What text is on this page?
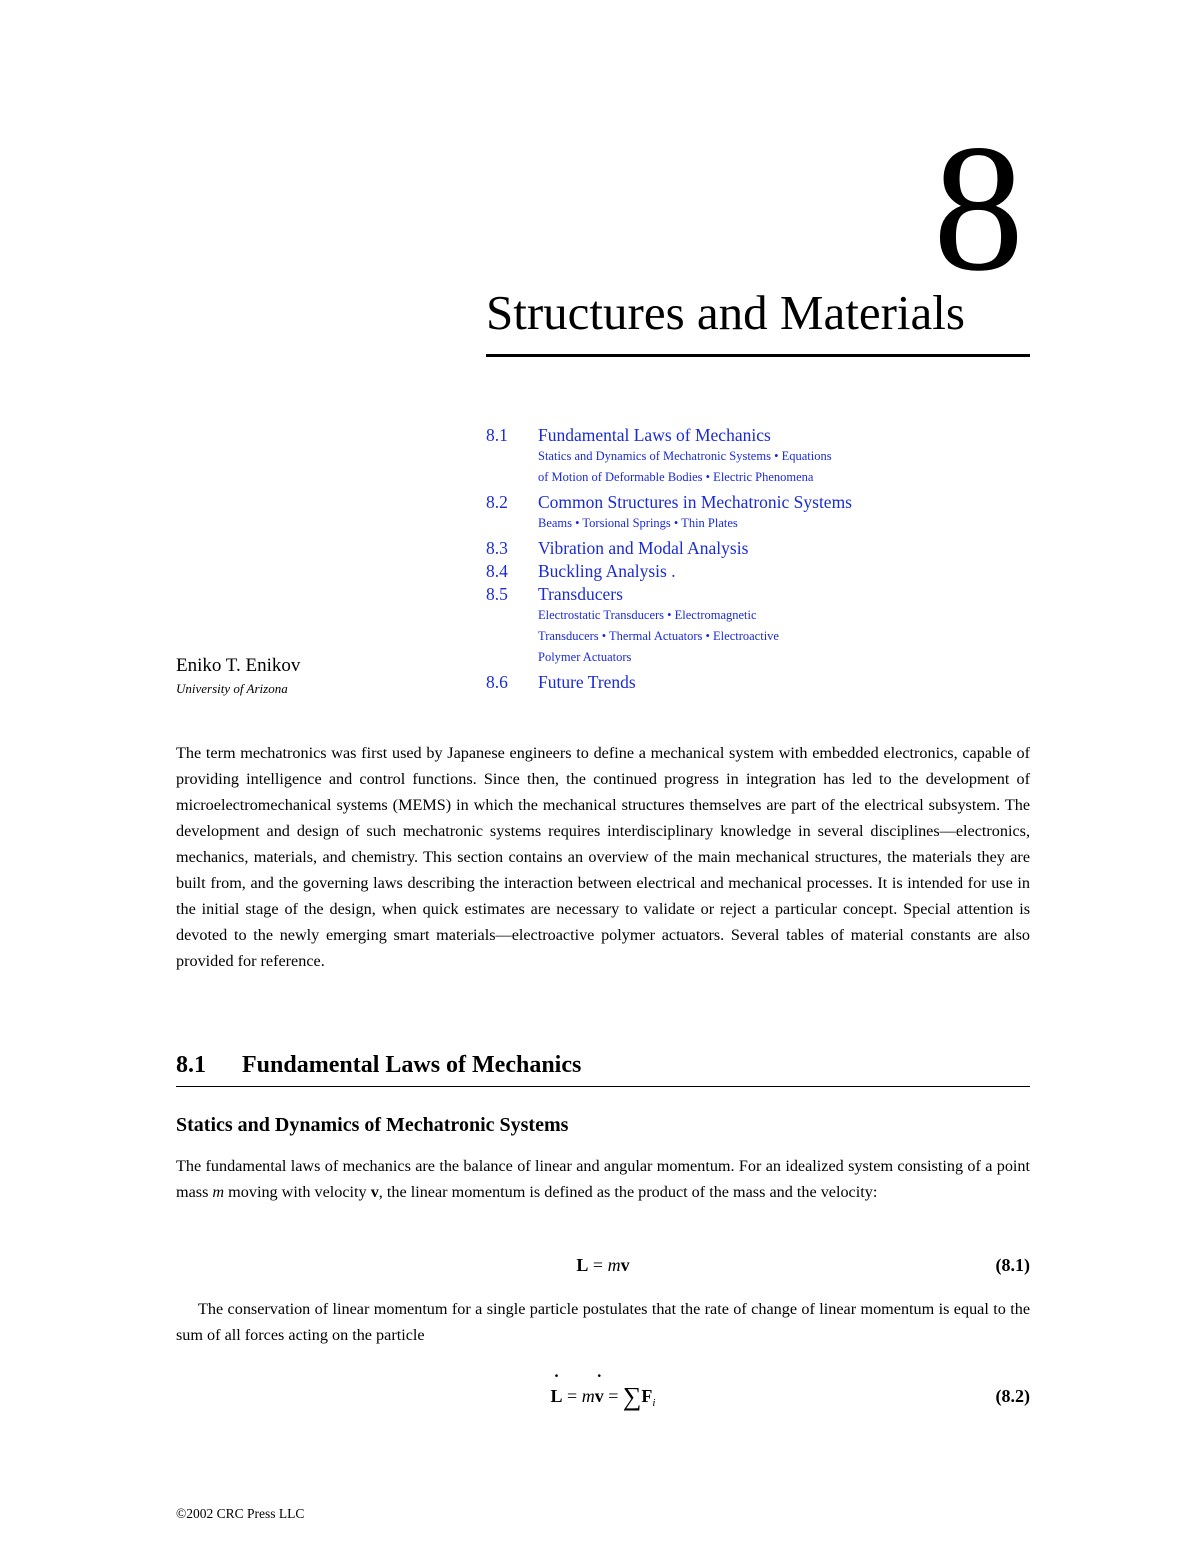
8
Structures and Materials
8.1	Fundamental Laws of Mechanics
Statics and Dynamics of Mechatronic Systems • Equations
of Motion of Deformable Bodies • Electric Phenomena
8.2	Common Structures in Mechatronic Systems
Beams • Torsional Springs • Thin Plates
8.3	Vibration and Modal Analysis
8.4	Buckling Analysis .
8.5	Transducers
Electrostatic Transducers • Electromagnetic
Transducers • Thermal Actuators • Electroactive
Polymer Actuators
8.6	Future Trends
Eniko T. Enikov
University of Arizona

The term mechatronics was first used by Japanese engineers to define a mechanical system with embedded electronics, capable of providing intelligence and control functions. Since then, the continued progress in integration has led to the development of microelectromechanical systems (MEMS) in which the mechanical structures themselves are part of the electrical subsystem. The development and design of such mechatronic systems requires interdisciplinary knowledge in several disciplines—electronics, mechanics, materials, and chemistry. This section contains an overview of the main mechanical structures, the materials they are built from, and the governing laws describing the interaction between electrical and mechanical processes. It is intended for use in the initial stage of the design, when quick estimates are necessary to validate or reject a particular concept. Special attention is devoted to the newly emerging smart materials—electroactive polymer actuators. Several tables of material constants are also provided for reference.

8.1 Fundamental Laws of Mechanics
Statics and Dynamics of Mechatronic Systems

The fundamental laws of mechanics are the balance of linear and angular momentum. For an idealized system consisting of a point mass m moving with velocity v, the linear momentum is defined as the product of the mass and the velocity:

L = mv	(8.1)

The conservation of linear momentum for a single particle postulates that the rate of change of linear momentum is equal to the sum of all forces acting on the particle

˙ L = m˙ $v = \sum F_i$	(8.2)
©2002 CRC Press LLC
